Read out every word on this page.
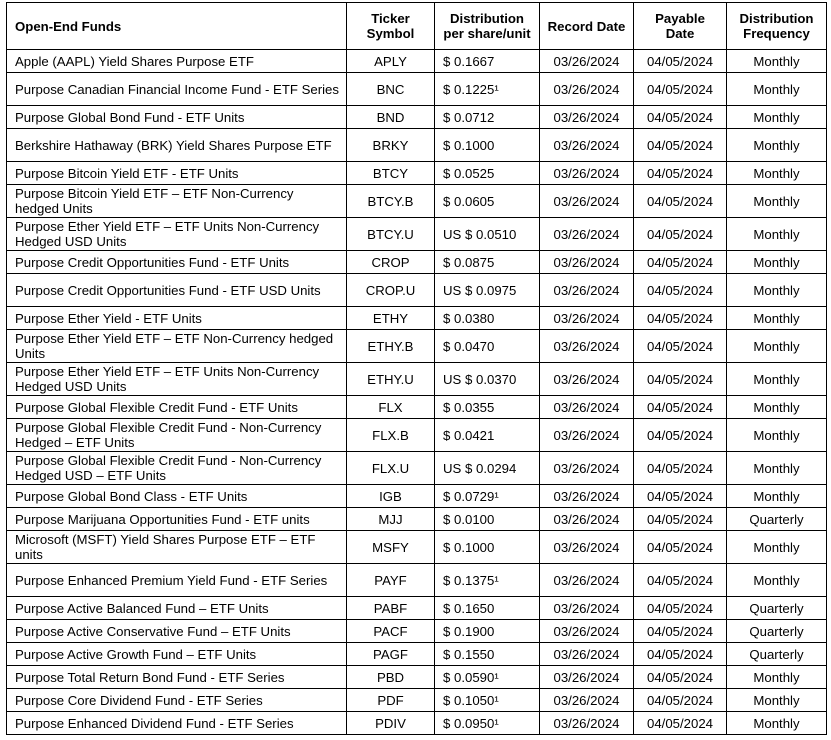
Open-End Funds	Ticker Symbol	Distribution per share/unit	Record Date	Payable Date	Distribution Frequency
Apple (AAPL) Yield Shares Purpose ETF	APLY	$ 0.1667	03/26/2024	04/05/2024	Monthly
Purpose Canadian Financial Income Fund - ETF Series	BNC	$ 0.1225¹	03/26/2024	04/05/2024	Monthly
Purpose Global Bond Fund - ETF Units	BND	$ 0.0712	03/26/2024	04/05/2024	Monthly
Berkshire Hathaway (BRK) Yield Shares Purpose ETF	BRKY	$ 0.1000	03/26/2024	04/05/2024	Monthly
Purpose Bitcoin Yield ETF - ETF Units	BTCY	$ 0.0525	03/26/2024	04/05/2024	Monthly
Purpose Bitcoin Yield ETF – ETF Non-Currency hedged Units	BTCY.B	$ 0.0605	03/26/2024	04/05/2024	Monthly
Purpose Ether Yield ETF – ETF Units Non-Currency Hedged USD Units	BTCY.U	US $ 0.0510	03/26/2024	04/05/2024	Monthly
Purpose Credit Opportunities Fund - ETF Units	CROP	$ 0.0875	03/26/2024	04/05/2024	Monthly
Purpose Credit Opportunities Fund - ETF USD Units	CROP.U	US $ 0.0975	03/26/2024	04/05/2024	Monthly
Purpose Ether Yield - ETF Units	ETHY	$ 0.0380	03/26/2024	04/05/2024	Monthly
Purpose Ether Yield ETF – ETF Non-Currency hedged Units	ETHY.B	$ 0.0470	03/26/2024	04/05/2024	Monthly
Purpose Ether Yield ETF – ETF Units Non-Currency Hedged USD Units	ETHY.U	US $ 0.0370	03/26/2024	04/05/2024	Monthly
Purpose Global Flexible Credit Fund - ETF Units	FLX	$ 0.0355	03/26/2024	04/05/2024	Monthly
Purpose Global Flexible Credit Fund - Non-Currency Hedged – ETF Units	FLX.B	$ 0.0421	03/26/2024	04/05/2024	Monthly
Purpose Global Flexible Credit Fund - Non-Currency Hedged USD – ETF Units	FLX.U	US $ 0.0294	03/26/2024	04/05/2024	Monthly
Purpose Global Bond Class - ETF Units	IGB	$ 0.0729¹	03/26/2024	04/05/2024	Monthly
Purpose Marijuana Opportunities Fund - ETF units	MJJ	$ 0.0100	03/26/2024	04/05/2024	Quarterly
Microsoft (MSFT) Yield Shares Purpose ETF – ETF units	MSFY	$ 0.1000	03/26/2024	04/05/2024	Monthly
Purpose Enhanced Premium Yield Fund - ETF Series	PAYF	$ 0.1375¹	03/26/2024	04/05/2024	Monthly
Purpose Active Balanced Fund – ETF Units	PABF	$ 0.1650	03/26/2024	04/05/2024	Quarterly
Purpose Active Conservative Fund – ETF Units	PACF	$ 0.1900	03/26/2024	04/05/2024	Quarterly
Purpose Active Growth Fund – ETF Units	PAGF	$ 0.1550	03/26/2024	04/05/2024	Quarterly
Purpose Total Return Bond Fund - ETF Series	PBD	$ 0.0590¹	03/26/2024	04/05/2024	Monthly
Purpose Core Dividend Fund - ETF Series	PDF	$ 0.1050¹	03/26/2024	04/05/2024	Monthly
Purpose Enhanced Dividend Fund - ETF Series	PDIV	$ 0.0950¹	03/26/2024	04/05/2024	Monthly
